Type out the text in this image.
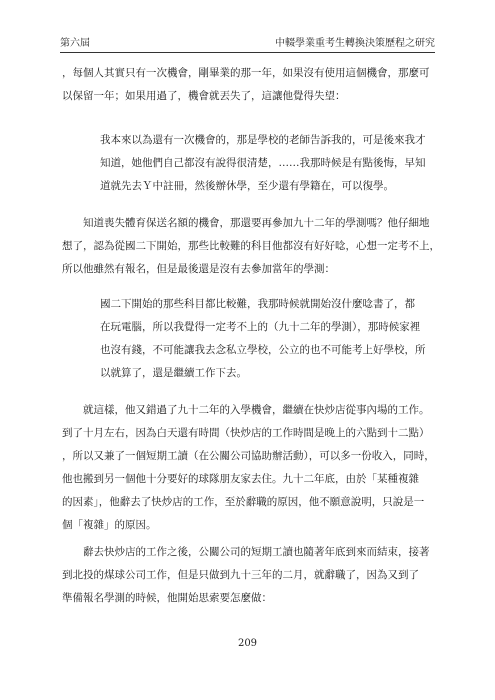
第六屆	中輟學業重考生轉換決策歷程之研究

，每個人其實只有一次機會，剛畢業的那一年，如果沒有使用這個機會，那麼可

以保留一年；如果用過了，機會就丟失了，這讓他覺得失望：

我本來以為還有一次機會的，那是學校的老師告訴我的，可是後來我才

知道，她他們自己都沒有說得很清楚，……我那時候是有點後悔，早知

道就先去Ｙ中註冊，然後辦休學，至少還有學籍在，可以復學。

　　知道喪失體育保送名額的機會，那還要再參加九十二年的學測嗎？他仔細地

想了，認為從國二下開始，那些比較難的科目他都沒有好好唸，心想一定考不上，

所以他雖然有報名，但是最後還是沒有去參加當年的學測：

國二下開始的那些科目都比較難，我那時候就開始沒什麼唸書了，都

在玩電腦，所以我覺得一定考不上的（九十二年的學測），那時候家裡

也沒有錢，不可能讓我去念私立學校，公立的也不可能考上好學校，所

以就算了，還是繼續工作下去。

　　就這樣，他又錯過了九十二年的入學機會，繼續在快炒店從事內場的工作。

到了十月左右，因為白天還有時間（快炒店的工作時間是晚上的六點到十二點）

，所以又兼了一個短期工讀（在公關公司協助辦活動），可以多一份收入，同時，

他也搬到另一個他十分要好的球隊朋友家去住。九十二年底，由於「某種複雜

的因素」，他辭去了快炒店的工作，至於辭職的原因，他不願意說明，只說是一

個「複雜」的原因。

　　辭去快炒店的工作之後，公關公司的短期工讀也隨著年底到來而結束，接著

到北投的煤球公司工作，但是只做到九十三年的二月，就辭職了，因為又到了

準備報名學測的時候，他開始思索要怎麼做：

209
